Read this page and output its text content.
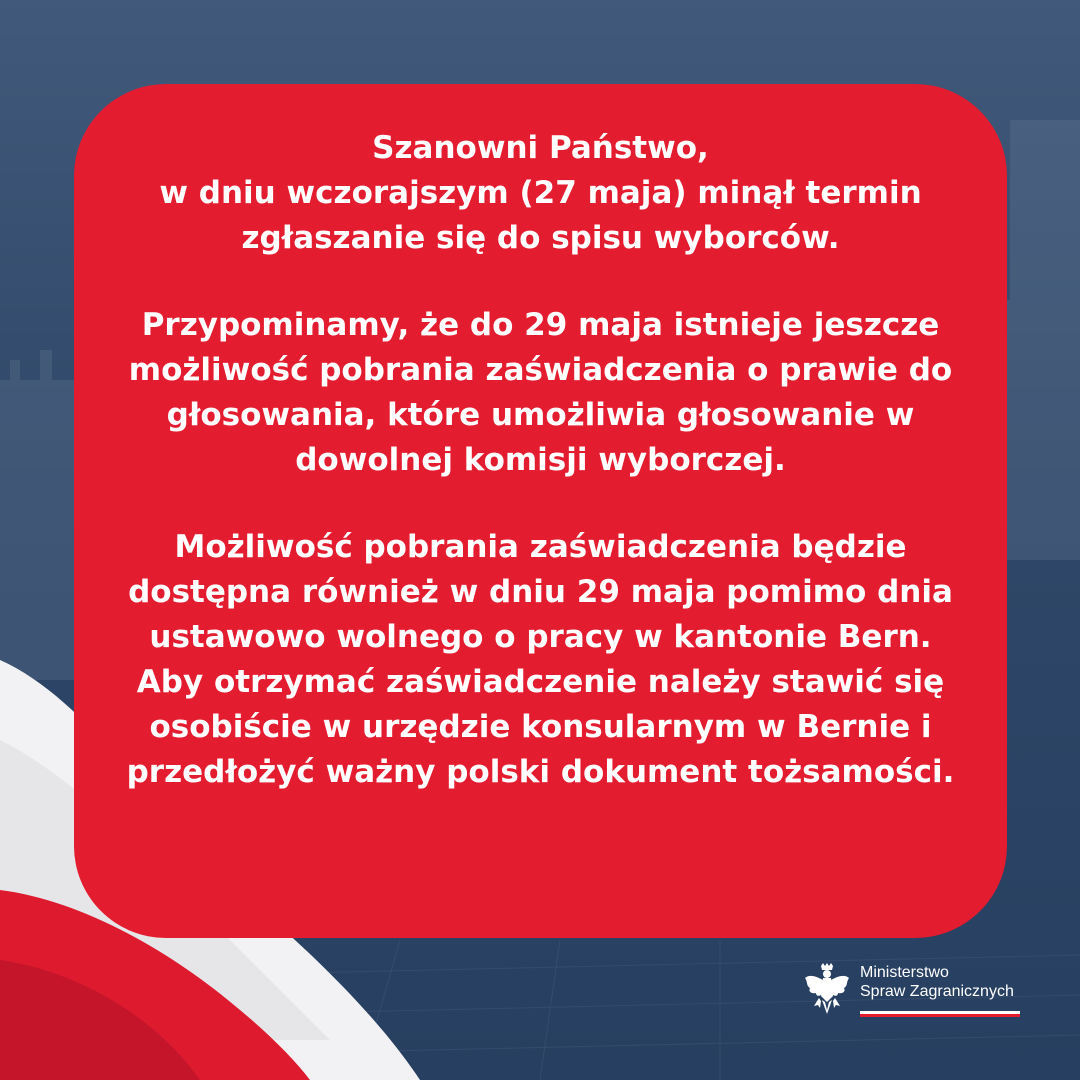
Szanowni Państwo,
w dniu wczorajszym (27 maja) minął termin
zgłaszanie się do spisu wyborców.

Przypominamy, że do 29 maja istnieje jeszcze
możliwość pobrania zaświadczenia o prawie do
głosowania, które umożliwia głosowanie w
dowolnej komisji wyborczej.

Możliwość pobrania zaświadczenia będzie
dostępna również w dniu 29 maja pomimo dnia
ustawowo wolnego o pracy w kantonie Bern.
Aby otrzymać zaświadczenie należy stawić się
osobiście w urzędzie konsularnym w Bernie i
przedłożyć ważny polski dokument tożsamości.

Ministerstwo
Spraw Zagranicznych
